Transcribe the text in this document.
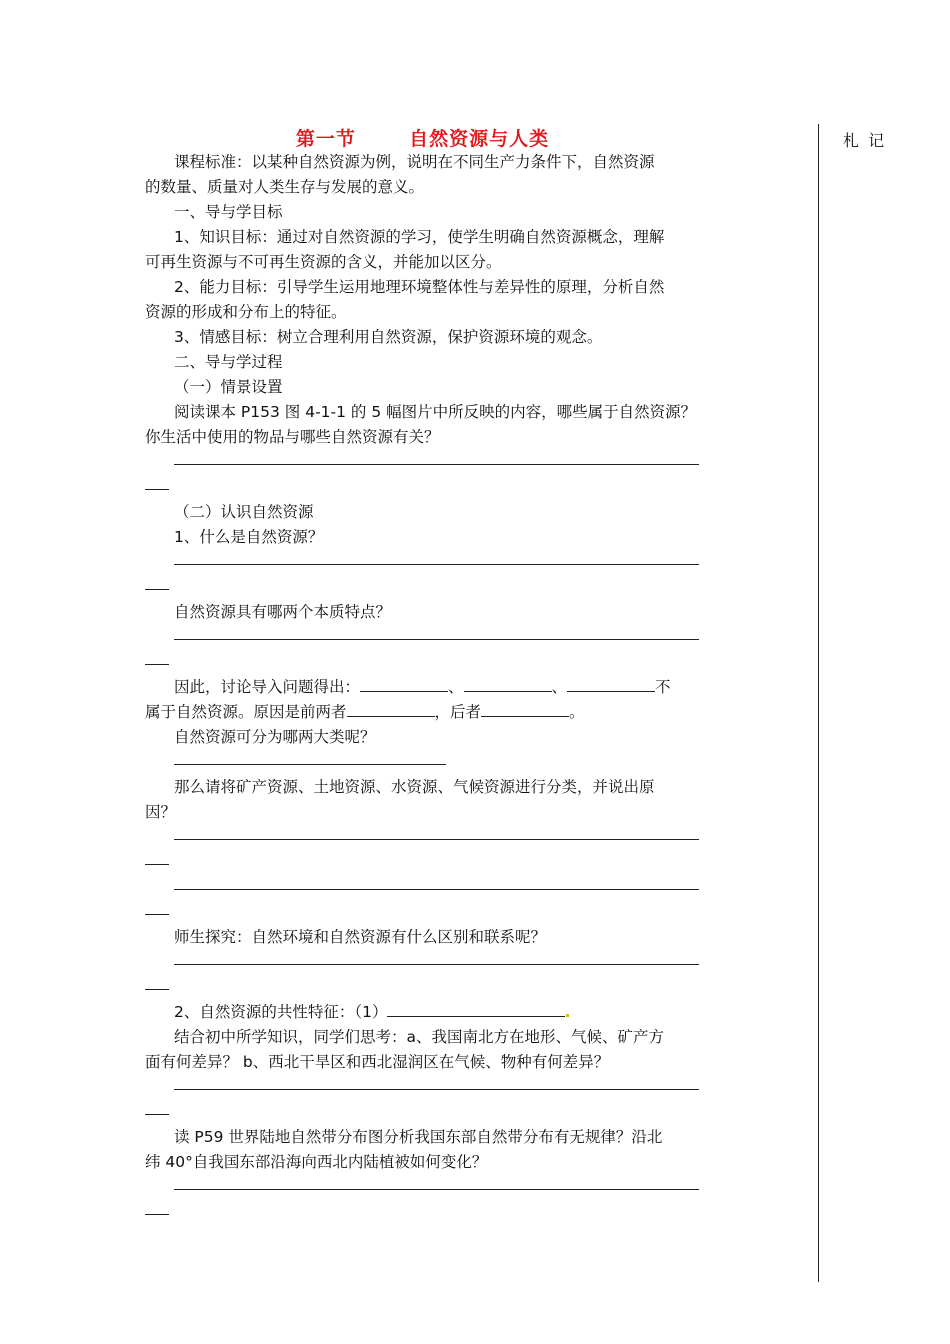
第一节       自然资源与人类	札 记
课程标准：以某种自然资源为例，说明在不同生产力条件下，自然资源
的数量、质量对人类生存与发展的意义。
一、导与学目标
1、知识目标：通过对自然资源的学习，使学生明确自然资源概念，理解
可再生资源与不可再生资源的含义，并能加以区分。
2、能力目标：引导学生运用地理环境整体性与差异性的原理，分析自然
资源的形成和分布上的特征。
3、情感目标：树立合理利用自然资源，保护资源环境的观念。
二、导与学过程
（一）情景设置
阅读课本 P153 图 4-1-1 的 5 幅图片中所反映的内容，哪些属于自然资源？
你生活中使用的物品与哪些自然资源有关？
（二）认识自然资源
1、什么是自然资源？
自然资源具有哪两个本质特点？
因此，讨论导入问题得出：	、	、	不
属于自然资源。原因是前两者	，后者	。
自然资源可分为哪两大类呢？
那么请将矿产资源、土地资源、水资源、气候资源进行分类，并说出原
因？
师生探究：自然环境和自然资源有什么区别和联系呢？
2、自然资源的共性特征：（1）
结合初中所学知识，同学们思考：a、我国南北方在地形、气候、矿产方
面有何差异？ b、西北干旱区和西北湿润区在气候、物种有何差异？
读 P59 世界陆地自然带分布图分析我国东部自然带分布有无规律？沿北
纬 40°自我国东部沿海向西北内陆植被如何变化？
